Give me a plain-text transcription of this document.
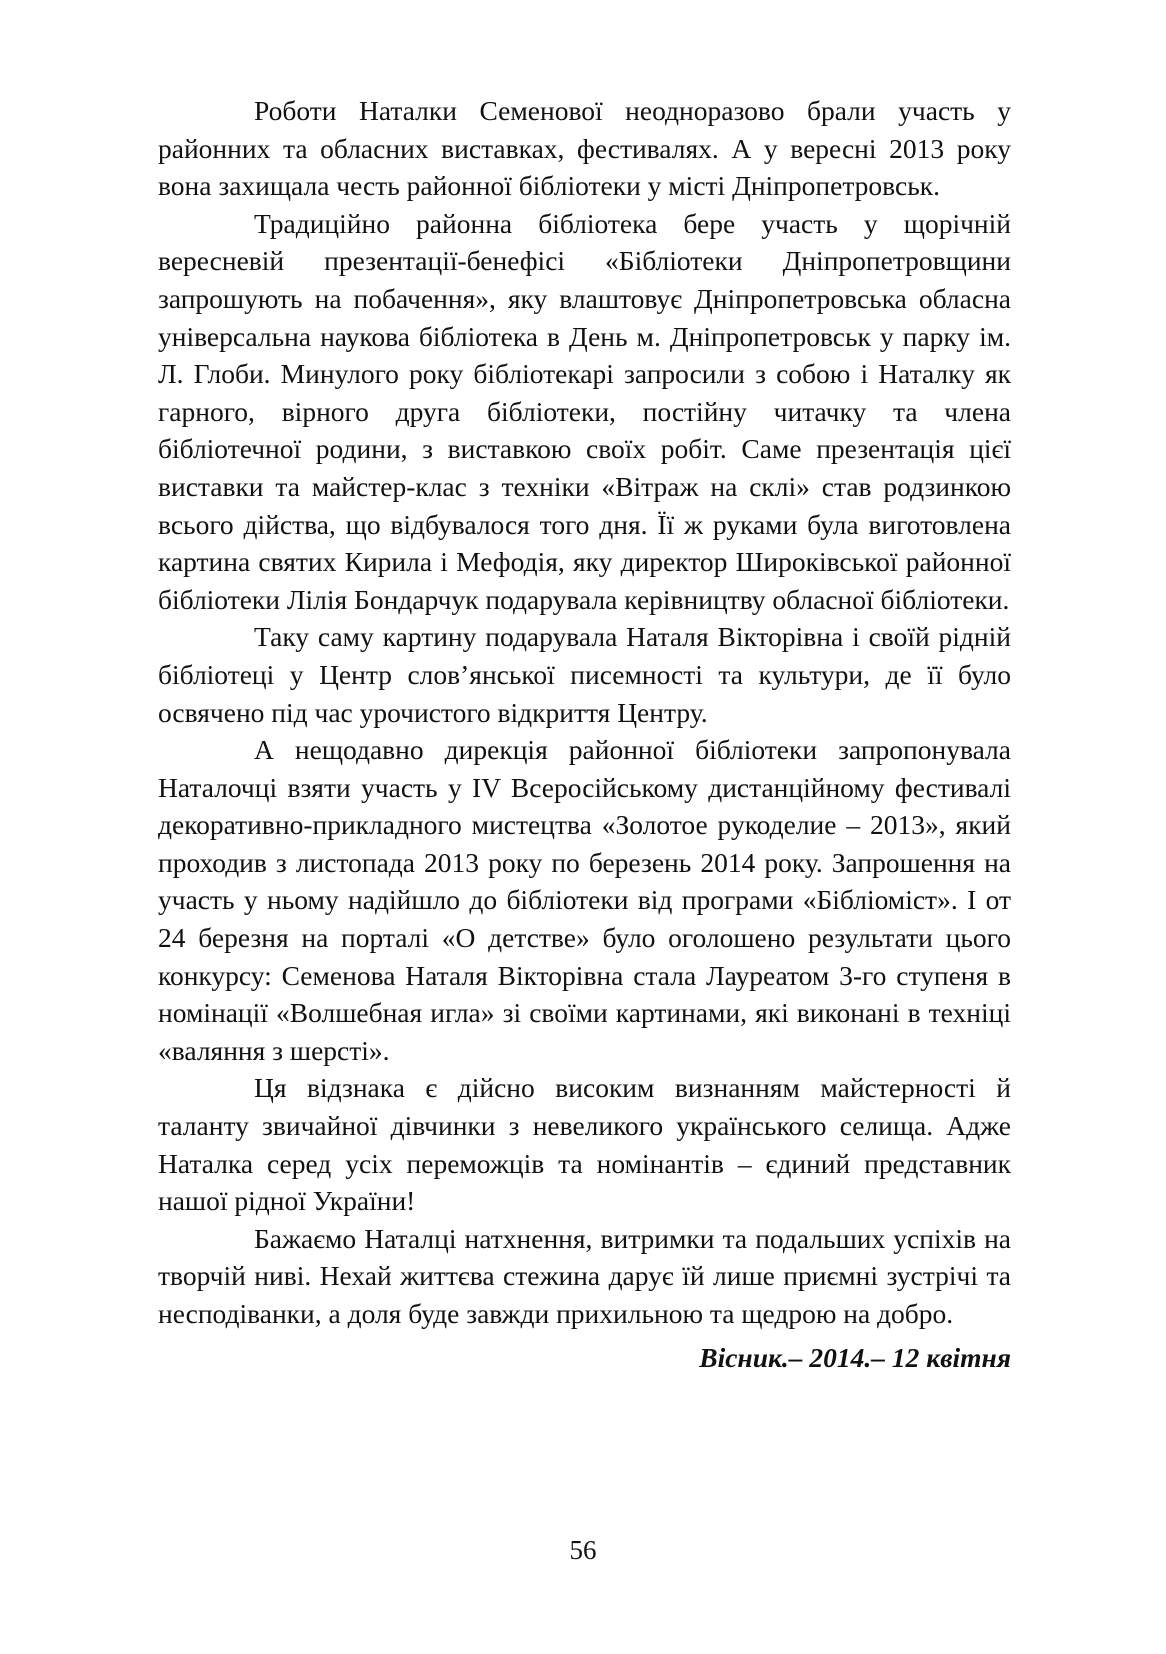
Роботи Наталки Семенової неодноразово брали участь у районних та обласних виставках, фестивалях. А у вересні 2013 року вона захищала честь районної бібліотеки у місті Дніпропетровськ.

Традиційно районна бібліотека бере участь у щорічній вересневій презентації-бенефісі «Бібліотеки Дніпропетровщини запрошують на побачення», яку влаштовує Дніпропетровська обласна універсальна наукова бібліотека в День м. Дніпропетровськ у парку ім. Л. Глоби. Минулого року бібліотекарі запросили з собою і Наталку як гарного, вірного друга бібліотеки, постійну читачку та члена бібліотечної родини, з виставкою своїх робіт. Саме презентація цієї виставки та майстер-клас з техніки «Вітраж на склі» став родзинкою всього дійства, що відбувалося того дня. Її ж руками була виготовлена картина святих Кирила і Мефодія, яку директор Широківської районної бібліотеки Лілія Бондарчук подарувала керівництву обласної бібліотеки.

Таку саму картину подарувала Наталя Вікторівна і своїй рідній бібліотеці у Центр слов’янської писемності та культури, де її було освячено під час урочистого відкриття Центру.

А нещодавно дирекція районної бібліотеки запропонувала Наталочці взяти участь у IV Всеросійському дистанційному фестивалі декоративно-прикладного мистецтва «Золотое рукоделие – 2013», який проходив з листопада 2013 року по березень 2014 року. Запрошення на участь у ньому надійшло до бібліотеки від програми «Бібліоміст». І от 24 березня на порталі «О детстве» було оголошено результати цього конкурсу: Семенова Наталя Вікторівна стала Лауреатом 3-го ступеня в номінації «Волшебная игла» зі своїми картинами, які виконані в техніці «валяння з шерсті».

Ця відзнака є дійсно високим визнанням майстерності й таланту звичайної дівчинки з невеликого українського селища. Адже Наталка серед усіх переможців та номінантів – єдиний представник нашої рідної України!

Бажаємо Наталці натхнення, витримки та подальших успіхів на творчій ниві. Нехай життєва стежина дарує їй лише приємні зустрічі та несподіванки, а доля буде завжди прихильною та щедрою на добро.

Вісник.– 2014.– 12 квітня

56
